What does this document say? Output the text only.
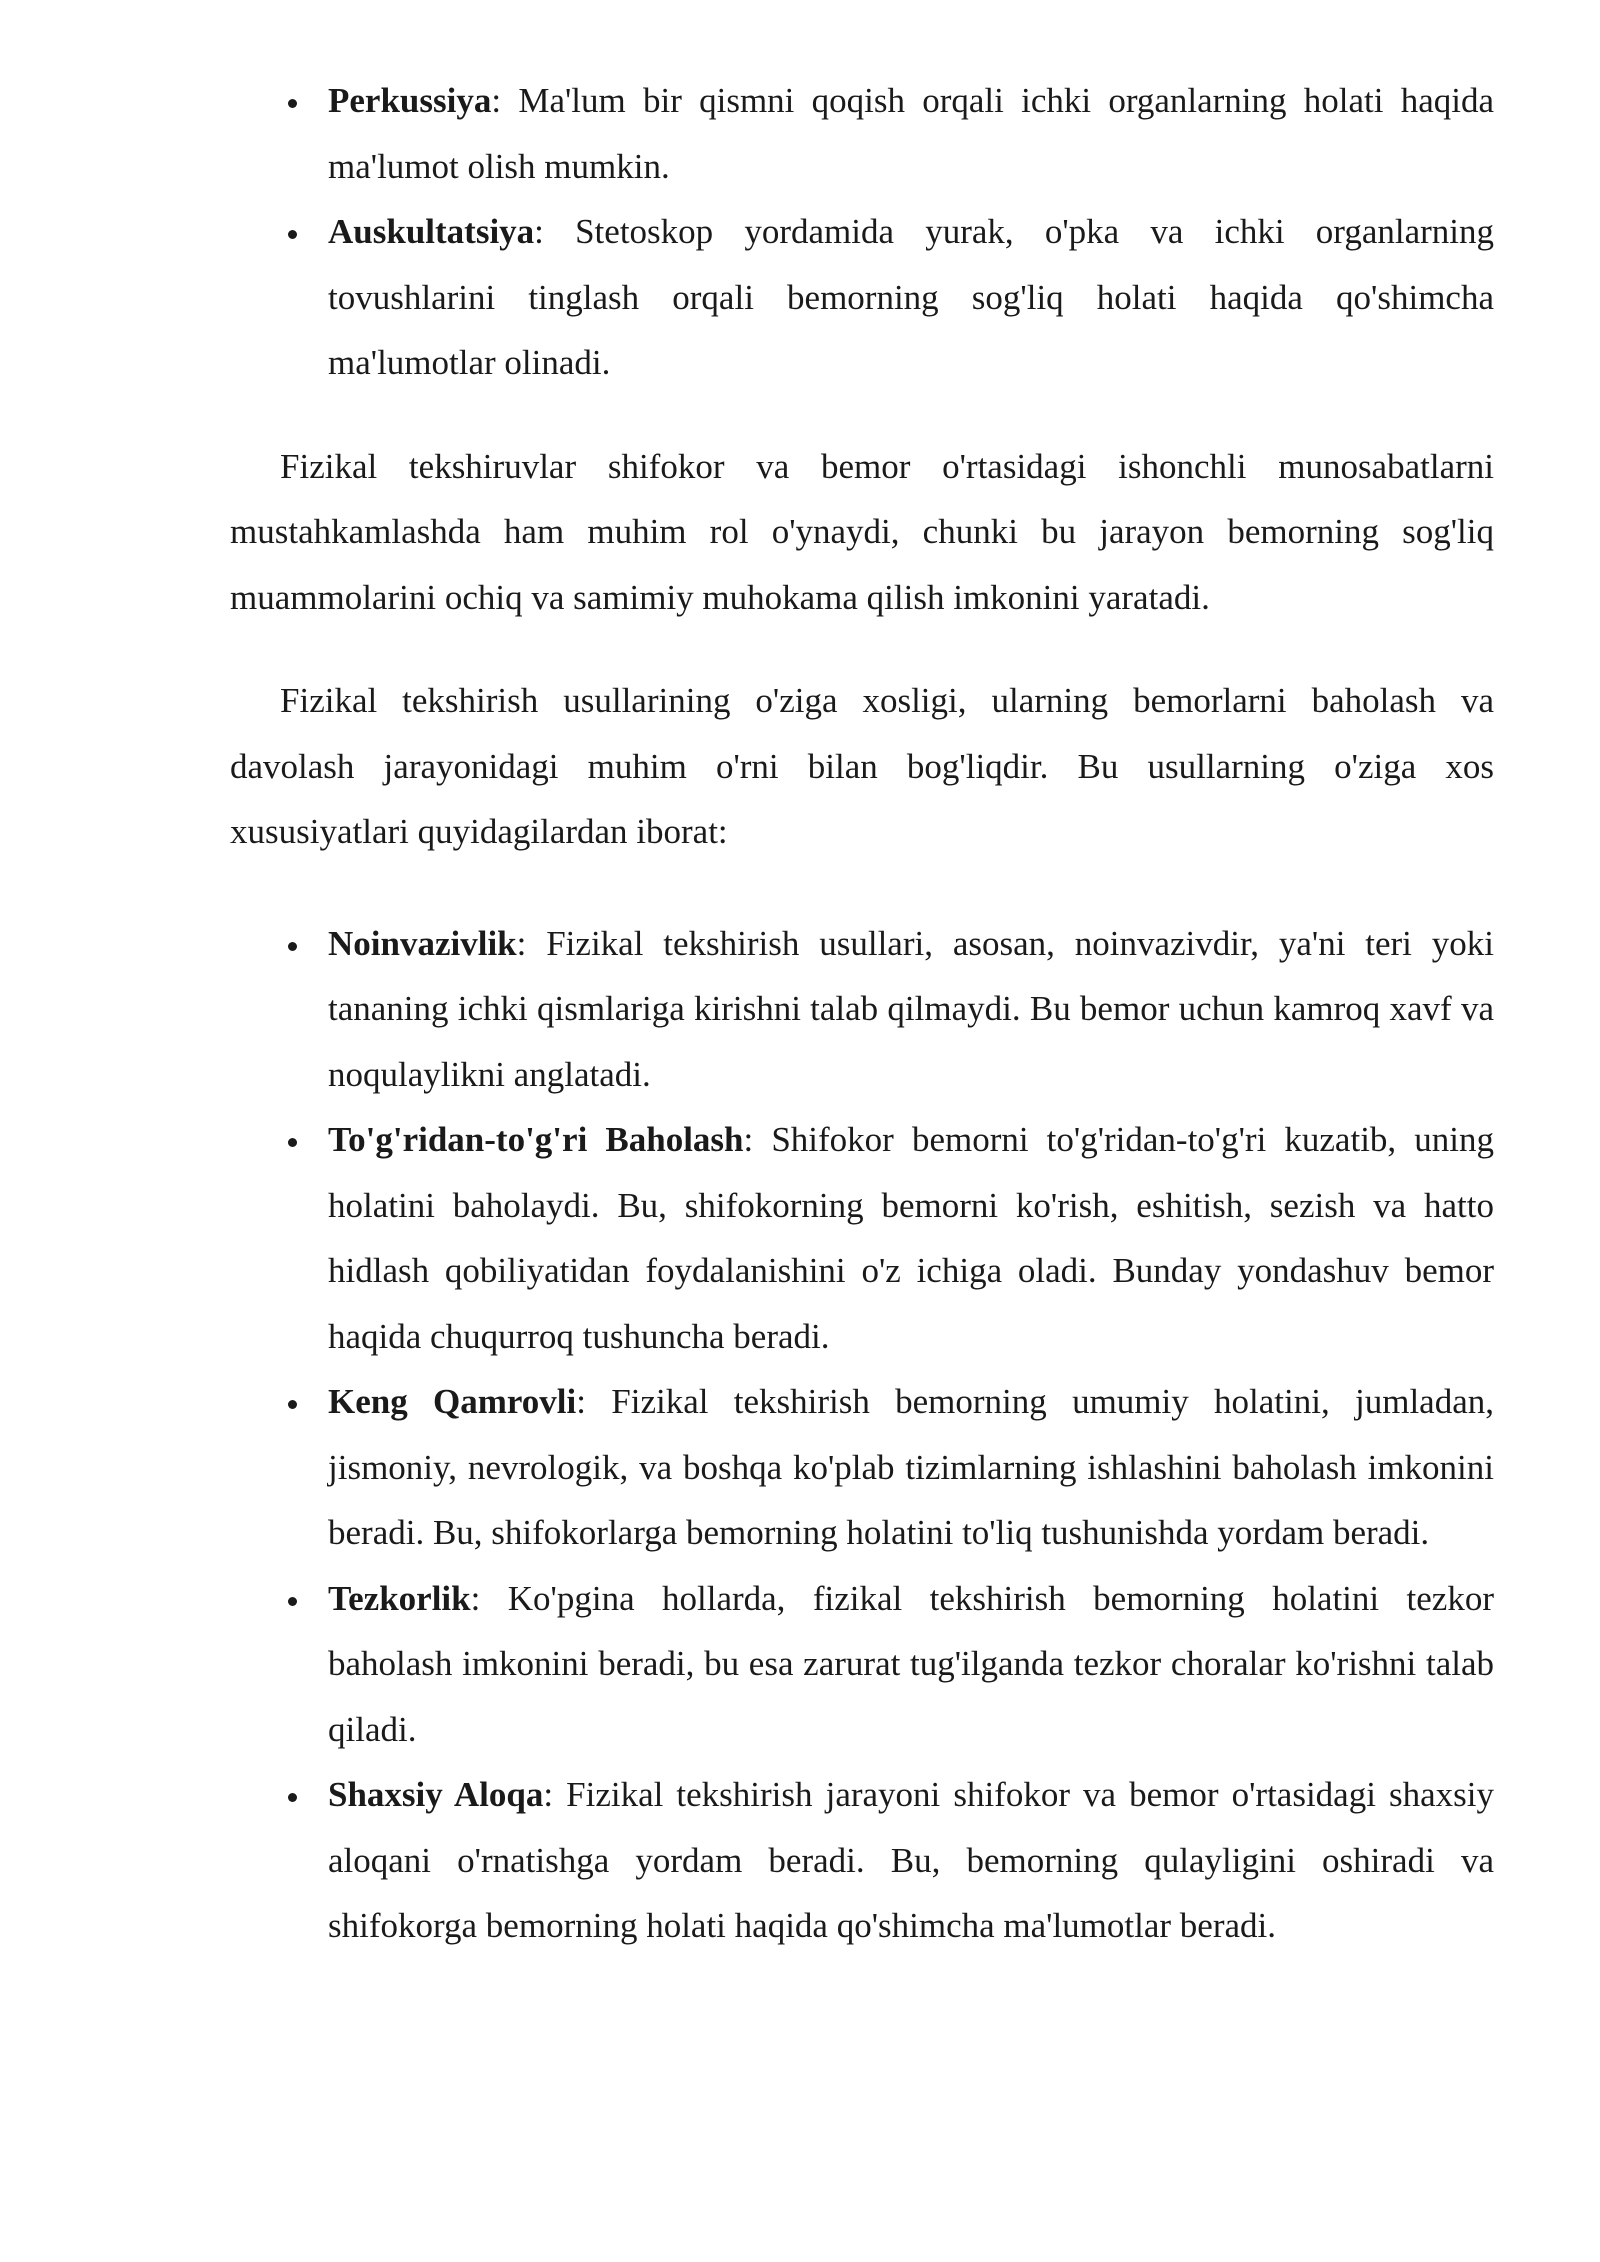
Perkussiya: Ma'lum bir qismni qoqish orqali ichki organlarning holati haqida ma'lumot olish mumkin.
Auskultatsiya: Stetoskop yordamida yurak, o'pka va ichki organlarning tovushlarini tinglash orqali bemorning sog'liq holati haqida qo'shimcha ma'lumotlar olinadi.

Fizikal tekshiruvlar shifokor va bemor o'rtasidagi ishonchli munosabatlarni mustahkamlashda ham muhim rol o'ynaydi, chunki bu jarayon bemorning sog'liq muammolarini ochiq va samimiy muhokama qilish imkonini yaratadi.

Fizikal tekshirish usullarining o'ziga xosligi, ularning bemorlarni baholash va davolash jarayonidagi muhim o'rni bilan bog'liqdir. Bu usullarning o'ziga xos xususiyatlari quyidagilardan iborat:

Noinvazivlik: Fizikal tekshirish usullari, asosan, noinvazivdir, ya'ni teri yoki tananing ichki qismlariga kirishni talab qilmaydi. Bu bemor uchun kamroq xavf va noqulaylikni anglatadi.
To'g'ridan-to'g'ri Baholash: Shifokor bemorni to'g'ridan-to'g'ri kuzatib, uning holatini baholaydi. Bu, shifokorning bemorni ko'rish, eshitish, sezish va hatto hidlash qobiliyatidan foydalanishini o'z ichiga oladi. Bunday yondashuv bemor haqida chuqurroq tushuncha beradi.
Keng Qamrovli: Fizikal tekshirish bemorning umumiy holatini, jumladan, jismoniy, nevrologik, va boshqa ko'plab tizimlarning ishlashini baholash imkonini beradi. Bu, shifokorlarga bemorning holatini to'liq tushunishda yordam beradi.
Tezkorlik: Ko'pgina hollarda, fizikal tekshirish bemorning holatini tezkor baholash imkonini beradi, bu esa zarurat tug'ilganda tezkor choralar ko'rishni talab qiladi.
Shaxsiy Aloqa: Fizikal tekshirish jarayoni shifokor va bemor o'rtasidagi shaxsiy aloqani o'rnatishga yordam beradi. Bu, bemorning qulayligini oshiradi va shifokorga bemorning holati haqida qo'shimcha ma'lumotlar beradi.
